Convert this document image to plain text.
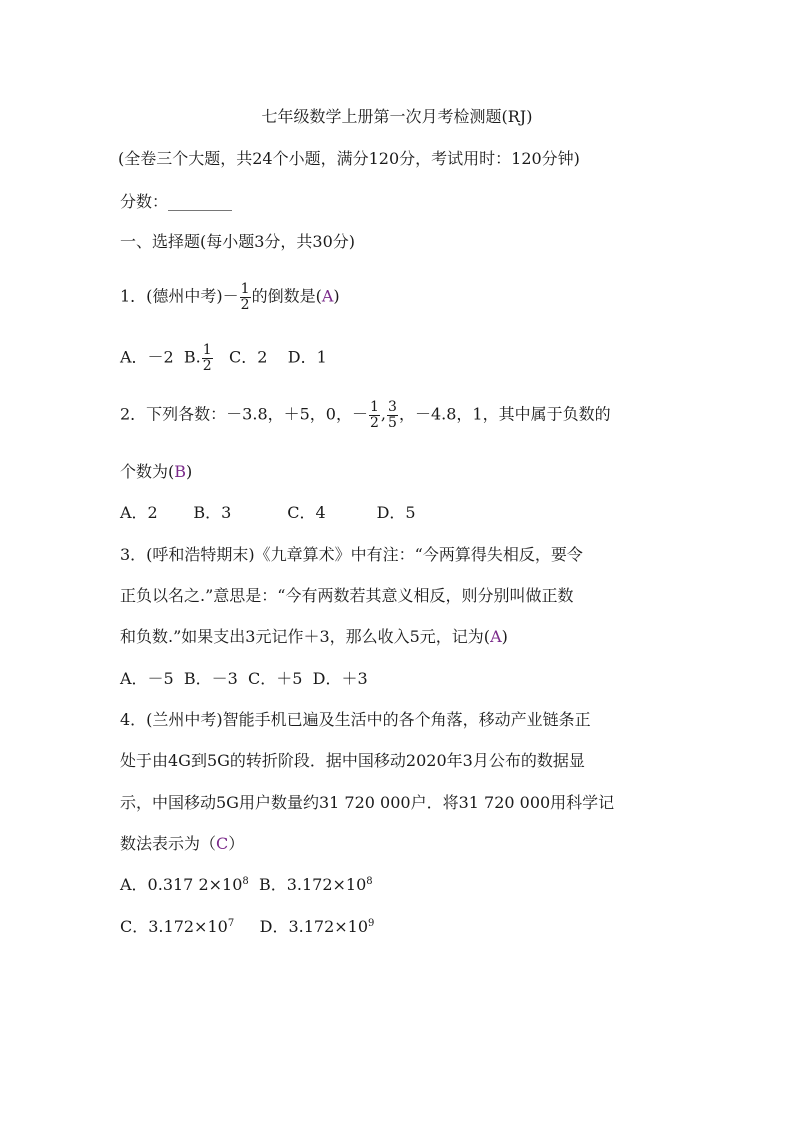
七年级数学上册第一次月考检测题(RJ)
(全卷三个大题，共24个小题，满分120分，考试用时：120分钟)
分数：________
一、选择题(每小题3分，共30分)
1．(德州中考)－ $\frac{1}{2}$ 的倒数是(A)
A．－2 B. $\frac{1}{2}$ C．2 D．1
2．下列各数：－3.8，＋5，0，－ $\frac{1}{2}$ , $\frac{3}{5}$ ，－4.8，1，其中属于负数的
个数为(B)
A．2 B．3	C．4	D．5
3．(呼和浩特期末)《九章算术》中有注：“今两算得失相反，要令
正负以名之.”意思是：“今有两数若其意义相反，则分别叫做正数
和负数.”如果支出3元记作＋3，那么收入5元，记为(A)
A．－5  B．－3  C．＋5  D．＋3
4．(兰州中考)智能手机已遍及生活中的各个角落，移动产业链条正
处于由4G到5G的转折阶段．据中国移动2020年3月公布的数据显
示，中国移动5G用户数量约31 720 000户．将31 720 000用科学记
数法表示为（C）
A．0.317 $2\times 10^8$ B．$3.172\times 10^8$
C．$3.172\times 10^7$ D．$3.172\times 10^9$
